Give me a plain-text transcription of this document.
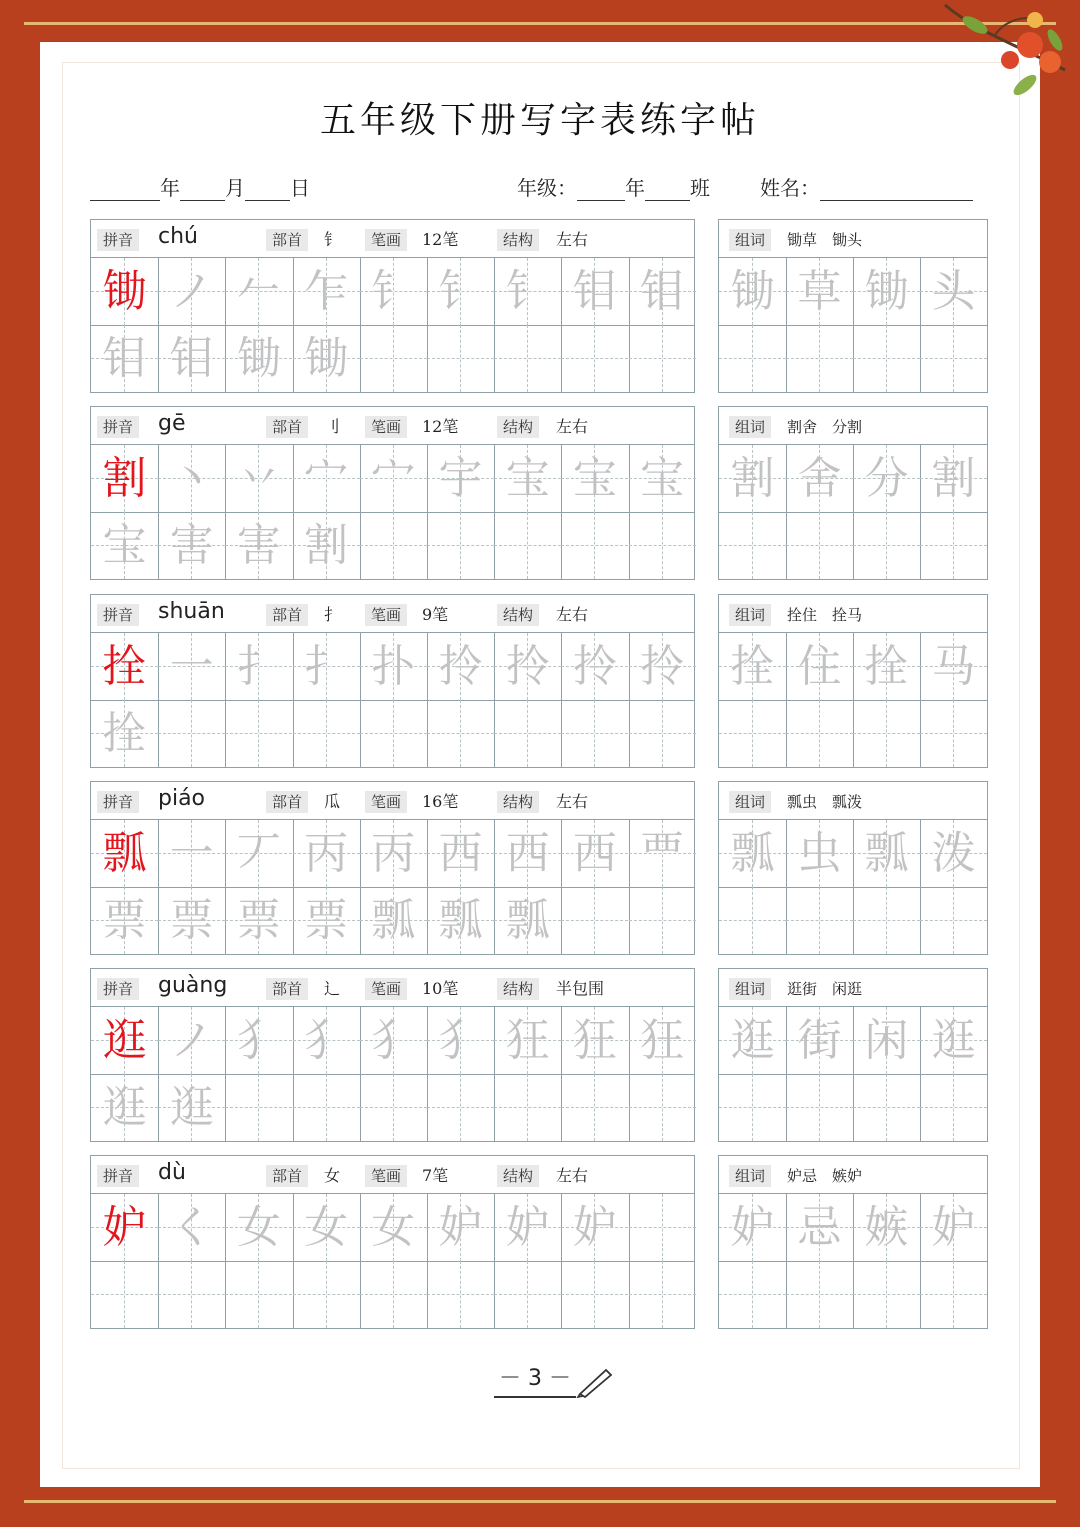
五年级下册写字表练字帖
年 月 日	年级： 年 班	姓名：
拼音 chú	部首	钅	笔画	12笔	结构	左右
锄 ノ 𠂉 乍 钅 钅 钅 钼 钼
钼 钼 锄 锄
组词	锄草　锄头
锄 草 锄 头
拼音 gē	部首	刂	笔画	12笔	结构	左右
割 丶 丷 宀 宀 宇 宝 宝 宝
宝 害 害 割
组词	割舍　分割
割 舍 分 割
拼音 shuān	部首	扌	笔画	9笔	结构	左右
拴 一 扌 扌 扑 拎 拎 拎 拎
拴
组词	拴住　拴马
拴 住 拴 马
拼音 piáo	部首	瓜	笔画	16笔	结构	左右
瓢 一 丆 丙 丙 西 西 西 覀
票 票 票 票 瓢 瓢 瓢
组词	瓢虫　瓢泼
瓢 虫 瓢 泼
拼音 guàng	部首	辶	笔画	10笔	结构	半包围
逛 ノ 犭 犭 犭 犭 狂 狂 狂
逛 逛
组词	逛街　闲逛
逛 街 闲 逛
拼音 dù	部首	女	笔画	7笔	结构	左右
妒 く 女 女 女 妒 妒 妒
组词	妒忌　嫉妒
妒 忌 嫉 妒
－ 3 －
